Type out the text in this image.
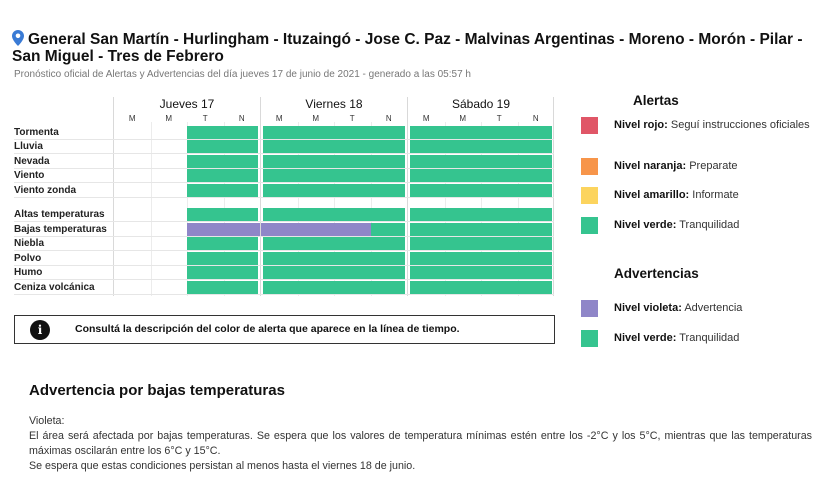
General San Martín - Hurlingham - Ituzaingó - Jose C. Paz - Malvinas Argentinas - Moreno - Morón - Pilar - San Miguel - Tres de Febrero
Pronóstico oficial de Alertas y Advertencias del día jueves 17 de junio de 2021 - generado a las 05:57 h
Jueves 17
M	M	T	N
Viernes 18
M	M	T	N
Sábado 19
M	M	T	N
Tormenta
Lluvia
Nevada
Viento
Viento zonda
Altas temperaturas
Bajas temperaturas
Niebla
Polvo
Humo
Ceniza volcánica
i	Consultá la descripción del color de alerta que aparece en la línea de tiempo.
Alertas
Nivel rojo: Seguí instrucciones oficiales
Nivel naranja: Preparate
Nivel amarillo: Informate
Nivel verde: Tranquilidad
Advertencias
Nivel violeta: Advertencia
Nivel verde: Tranquilidad
Advertencia por bajas temperaturas
Violeta:
El área será afectada por bajas temperaturas. Se espera que los valores de temperatura mínimas estén entre los -2°C y los 5°C, mientras que las temperaturas máximas oscilarán entre los 6°C y 15°C.
Se espera que estas condiciones persistan al menos hasta el viernes 18 de junio.
